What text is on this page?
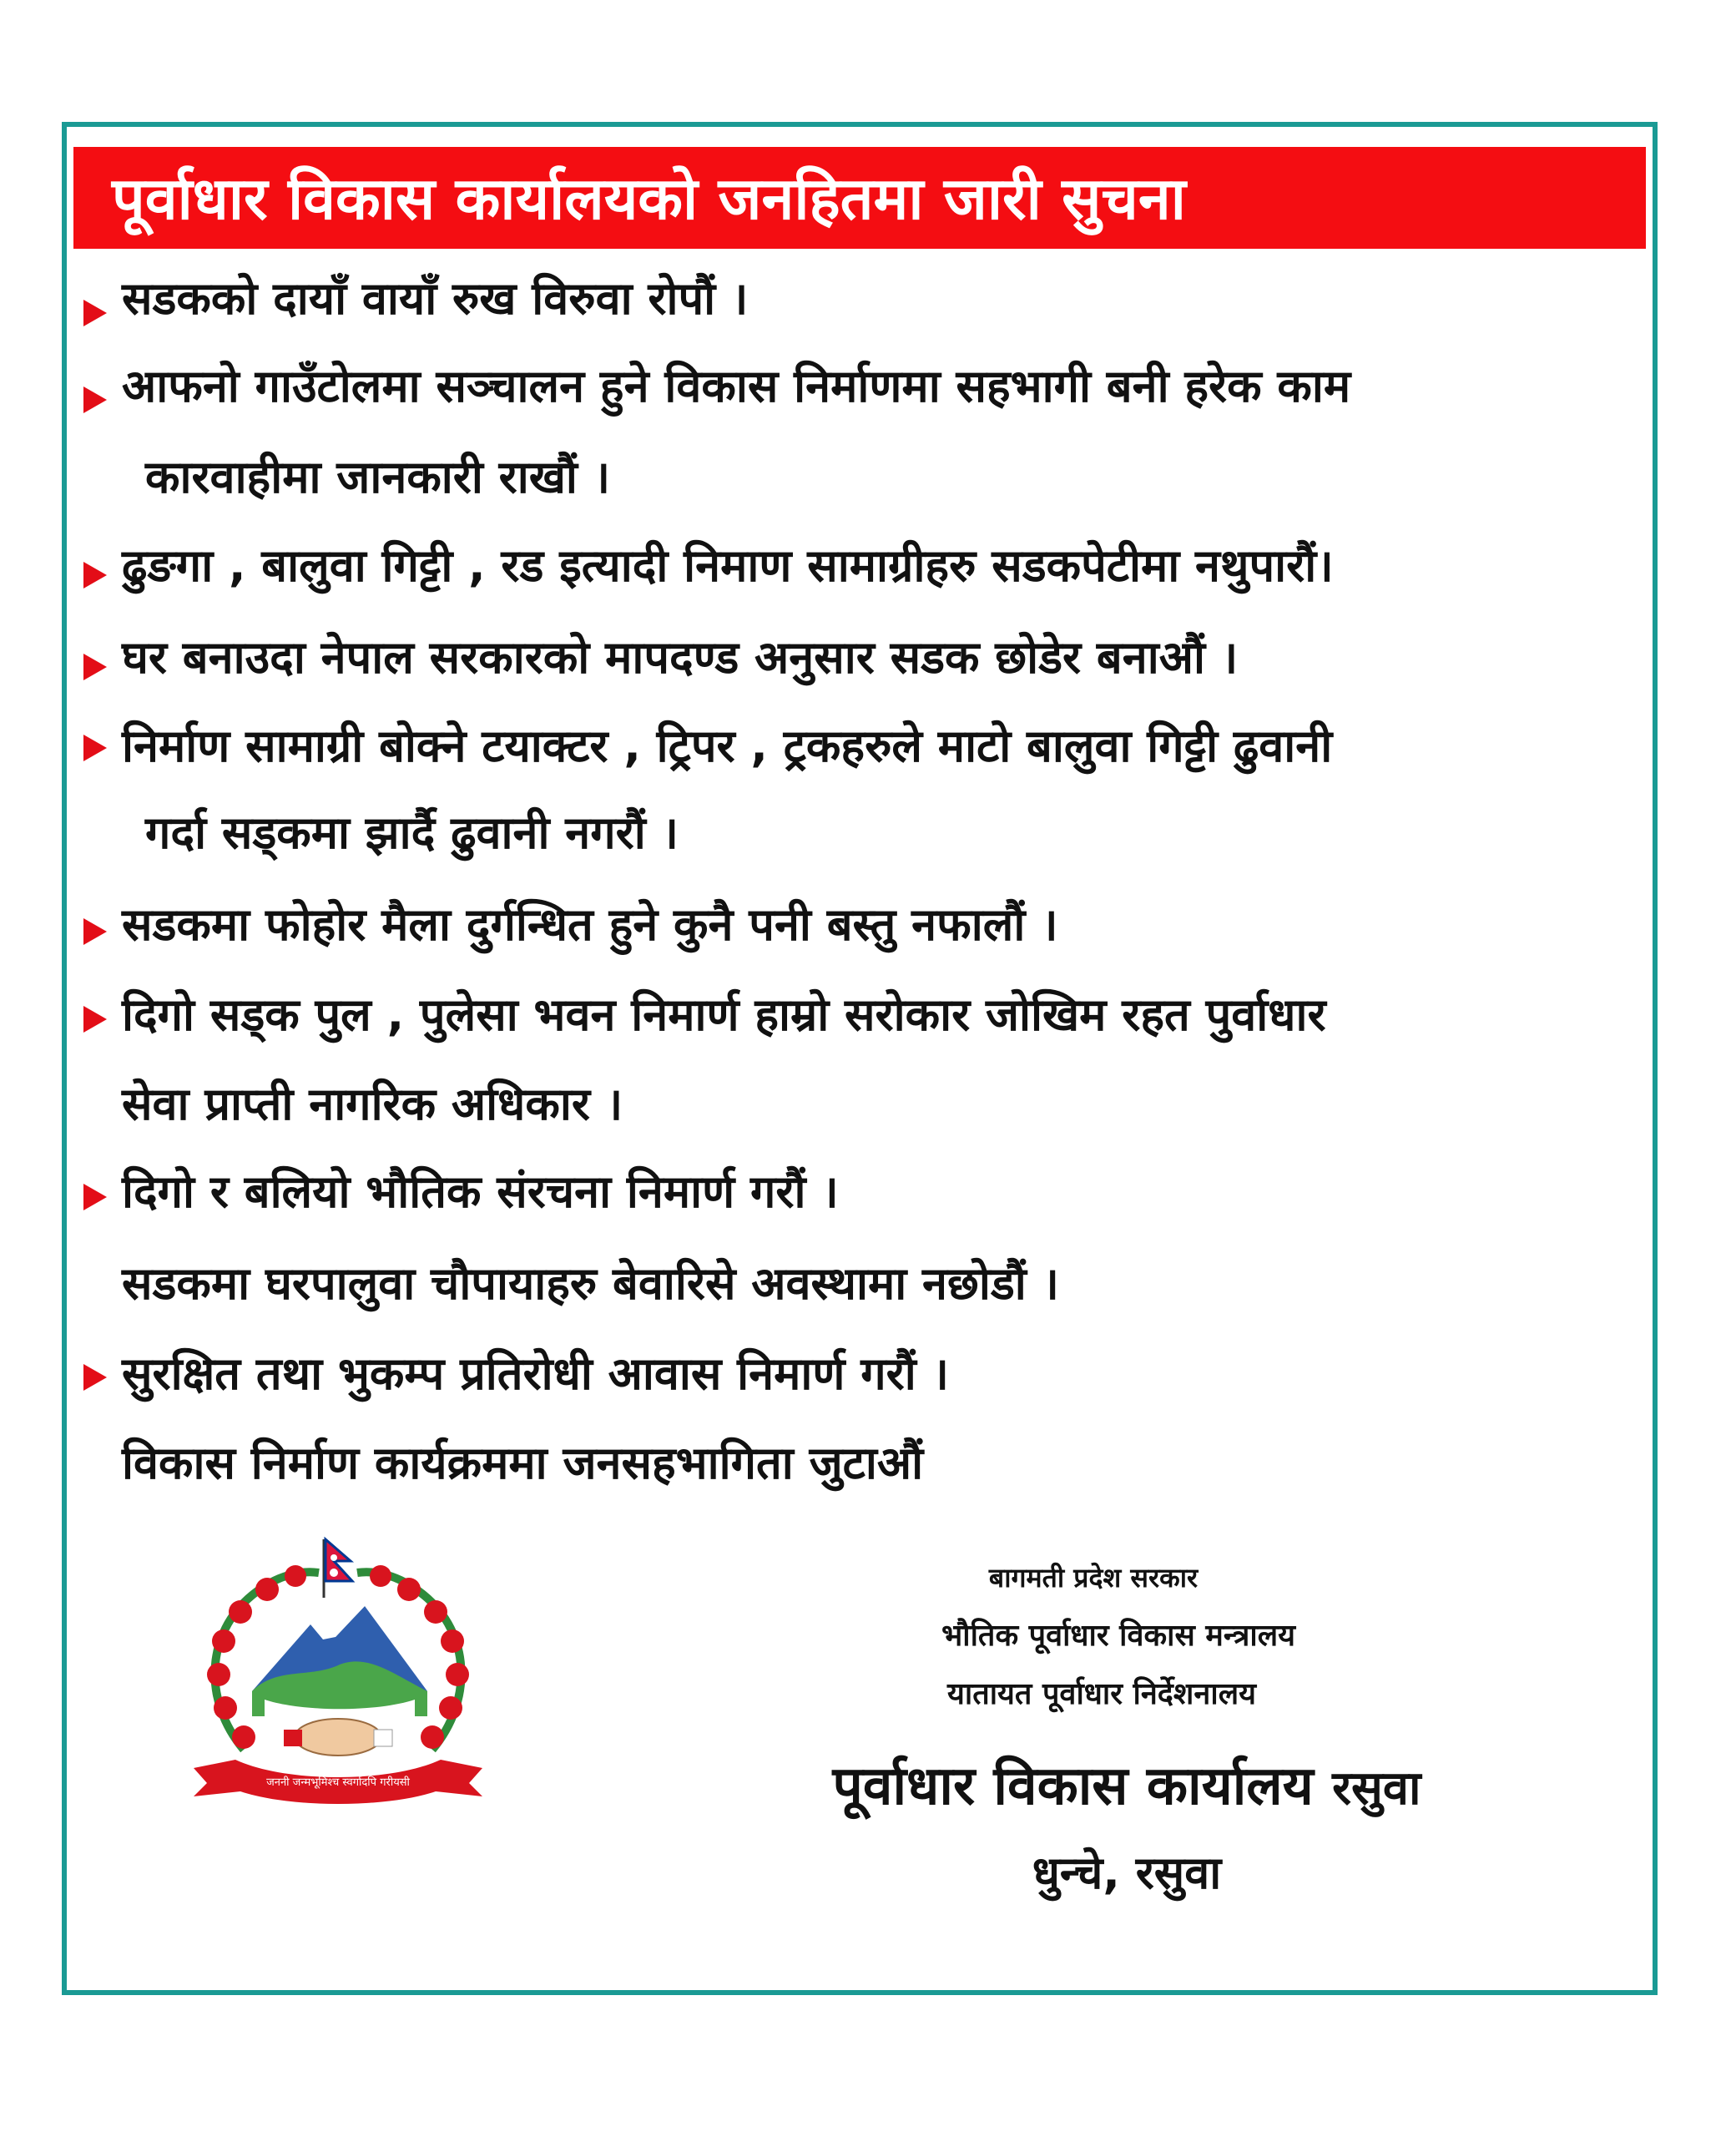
पूर्वाधार विकास कार्यालयको जनहितमा जारी सुचना
सडकको दायाँ वायाँ रुख विरुवा रोपौं ।
आफनो गाउँटोलमा सञ्चालन हुने विकास निर्माणमा सहभागी बनी हरेक काम
कारवाहीमा जानकारी राखौं ।
ढुङगा , बालुवा गिट्टी , रड इत्यादी निमाण सामाग्रीहरु सडकपेटीमा नथुपारौं।
घर बनाउदा नेपाल सरकारको मापदण्ड अनुसार सडक छोडेर बनाऔं ।
निर्माण सामाग्री बोक्ने टयाक्टर , ट्रिपर , ट्रकहरुले माटो बालुवा गिट्टी ढुवानी
गर्दा सड्कमा झार्दै ढुवानी नगरौं ।
सडकमा फोहोर मैला दुर्गन्धित हुने कुनै पनी बस्तु नफालौं ।
दिगो सड्क पुल , पुलेसा भवन निमार्ण हाम्रो सरोकार जोखिम रहत पुर्वाधार
सेवा प्राप्ती नागरिक अधिकार ।
दिगो र बलियो भौतिक संरचना निमार्ण गरौं ।
सडकमा घरपालुवा चौपायाहरु बेवारिसे अवस्थामा नछोडौं ।
सुरक्षित तथा भुकम्प प्रतिरोधी आवास निमार्ण गरौं ।
विकास निर्माण कार्यक्रममा जनसहभागिता जुटाऔं
बागमती प्रदेश सरकार
भौतिक पूर्वाधार विकास मन्त्रालय
यातायत पूर्वाधार निर्देशनालय
पूर्वाधार विकास कार्यालय रसुवा
धुन्चे, रसुवा
जननी जन्मभूमिश्च स्वर्गादपि गरीयसी
